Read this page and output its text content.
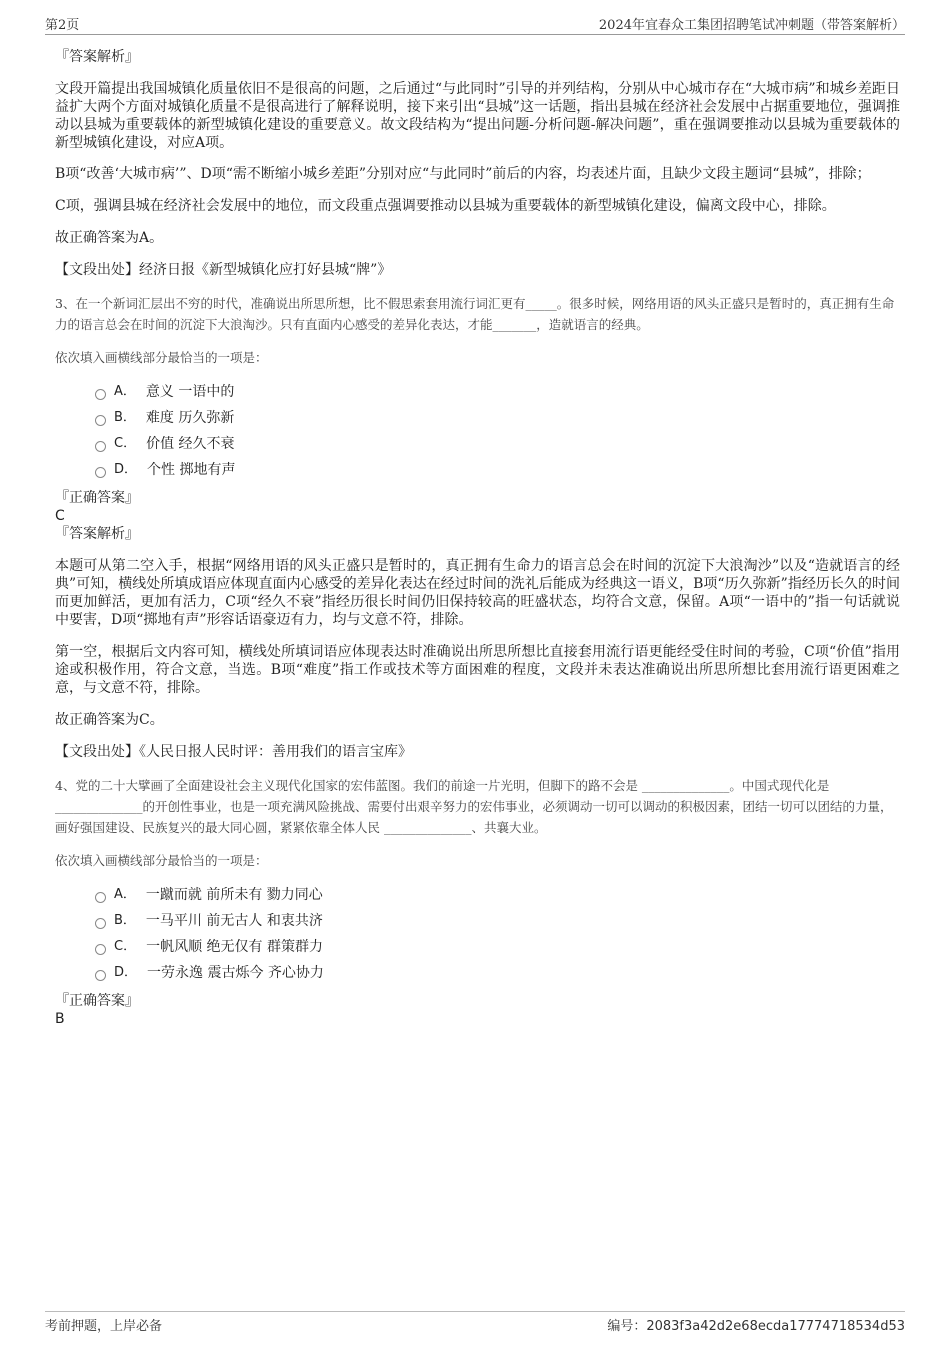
第2页	2024年宜春众工集团招聘笔试冲刺题（带答案解析）

『答案解析』

文段开篇提出我国城镇化质量依旧不是很高的问题，之后通过“与此同时”引导的并列结构，分别从中心城市存在“大城市病”和城乡差距日益扩大两个方面对城镇化质量不是很高进行了解释说明，接下来引出“县城”这一话题，指出县城在经济社会发展中占据重要地位，强调推动以县城为重要载体的新型城镇化建设的重要意义。故文段结构为“提出问题-分析问题-解决问题”，重在强调要推动以县城为重要载体的新型城镇化建设，对应A项。

B项“改善‘大城市病’”、D项“需不断缩小城乡差距”分别对应“与此同时”前后的内容，均表述片面，且缺少文段主题词“县城”，排除；

C项，强调县城在经济社会发展中的地位，而文段重点强调要推动以县城为重要载体的新型城镇化建设，偏离文段中心，排除。

故正确答案为A。

【文段出处】经济日报《新型城镇化应打好县城“牌”》

3、在一个新词汇层出不穷的时代，准确说出所思所想，比不假思索套用流行词汇更有_____。很多时候，网络用语的风头正盛只是暂时的，真正拥有生命力的语言总会在时间的沉淀下大浪淘沙。只有直面内心感受的差异化表达，才能_______，造就语言的经典。

依次填入画横线部分最恰当的一项是：

A． 意义 一语中的
B． 难度 历久弥新
C． 价值 经久不衰
D． 个性 掷地有声

『正确答案』

C

『答案解析』

本题可从第二空入手，根据“网络用语的风头正盛只是暂时的，真正拥有生命力的语言总会在时间的沉淀下大浪淘沙”以及“造就语言的经典”可知，横线处所填成语应体现直面内心感受的差异化表达在经过时间的洗礼后能成为经典这一语义，B项“历久弥新”指经历长久的时间而更加鲜活，更加有活力，C项“经久不衰”指经历很长时间仍旧保持较高的旺盛状态，均符合文意，保留。A项“一语中的”指一句话就说中要害，D项“掷地有声”形容话语豪迈有力，均与文意不符，排除。

第一空，根据后文内容可知，横线处所填词语应体现表达时准确说出所思所想比直接套用流行语更能经受住时间的考验，C项“价值”指用途或积极作用，符合文意，当选。B项“难度”指工作或技术等方面困难的程度，文段并未表达准确说出所思所想比套用流行语更困难之意，与文意不符，排除。

故正确答案为C。

【文段出处】《人民日报人民时评：善用我们的语言宝库》

4、党的二十大擘画了全面建设社会主义现代化国家的宏伟蓝图。我们的前途一片光明，但脚下的路不会是 ______________。中国式现代化是______________的开创性事业，也是一项充满风险挑战、需要付出艰辛努力的宏伟事业，必须调动一切可以调动的积极因素，团结一切可以团结的力量，画好强国建设、民族复兴的最大同心圆，紧紧依靠全体人民 ______________、共襄大业。

依次填入画横线部分最恰当的一项是：

A． 一蹴而就 前所未有 勠力同心
B． 一马平川 前无古人 和衷共济
C． 一帆风顺 绝无仅有 群策群力
D． 一劳永逸 震古烁今 齐心协力

『正确答案』

B

考前押题，上岸必备	编号：2083f3a42d2e68ecda17774718534d53
